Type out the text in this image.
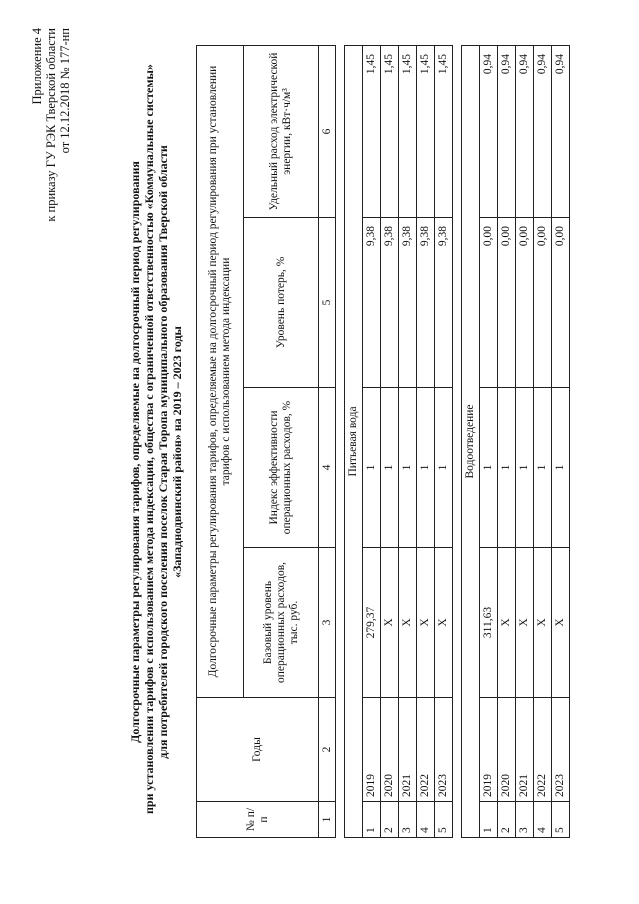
Приложение 4 к приказу ГУ РЭК Тверской области от 12.12.2018 № 177-нп
Долгосрочные параметры регулирования тарифов, определяемые на долгосрочный период регулирования при установлении тарифов с использованием метода индексации, общества с ограниченной ответственностью «Коммунальные системы» для потребителей городского поселения поселок Старая Торопа муниципального образования Тверской области «Западнодвинский район» на 2019 – 2023 годы
№ п/п	Годы	Долгосрочные параметры регулирования тарифов, определяемые на долгосрочный период регулирования при установлении тарифов с использованием метода индексации			
		Базовый уровень операционных расходов, тыс. руб.	Индекс эффективности операционных расходов, %	Уровень потерь, %	Удельный расход электрической энергии, кВт·ч/м³
1	2	3	4	5	6

Питьевая вода					
1	2019	279,37	1	9,38	1,45
2	2020	Х	1	9,38	1,45
3	2021	Х	1	9,38	1,45
4	2022	Х	1	9,38	1,45
5	2023	Х	1	9,38	1,45

Водоотведение					
1	2019	311,63	1	0,00	0,94
2	2020	Х	1	0,00	0,94
3	2021	Х	1	0,00	0,94
4	2022	Х	1	0,00	0,94
5	2023	Х	1	0,00	0,94
